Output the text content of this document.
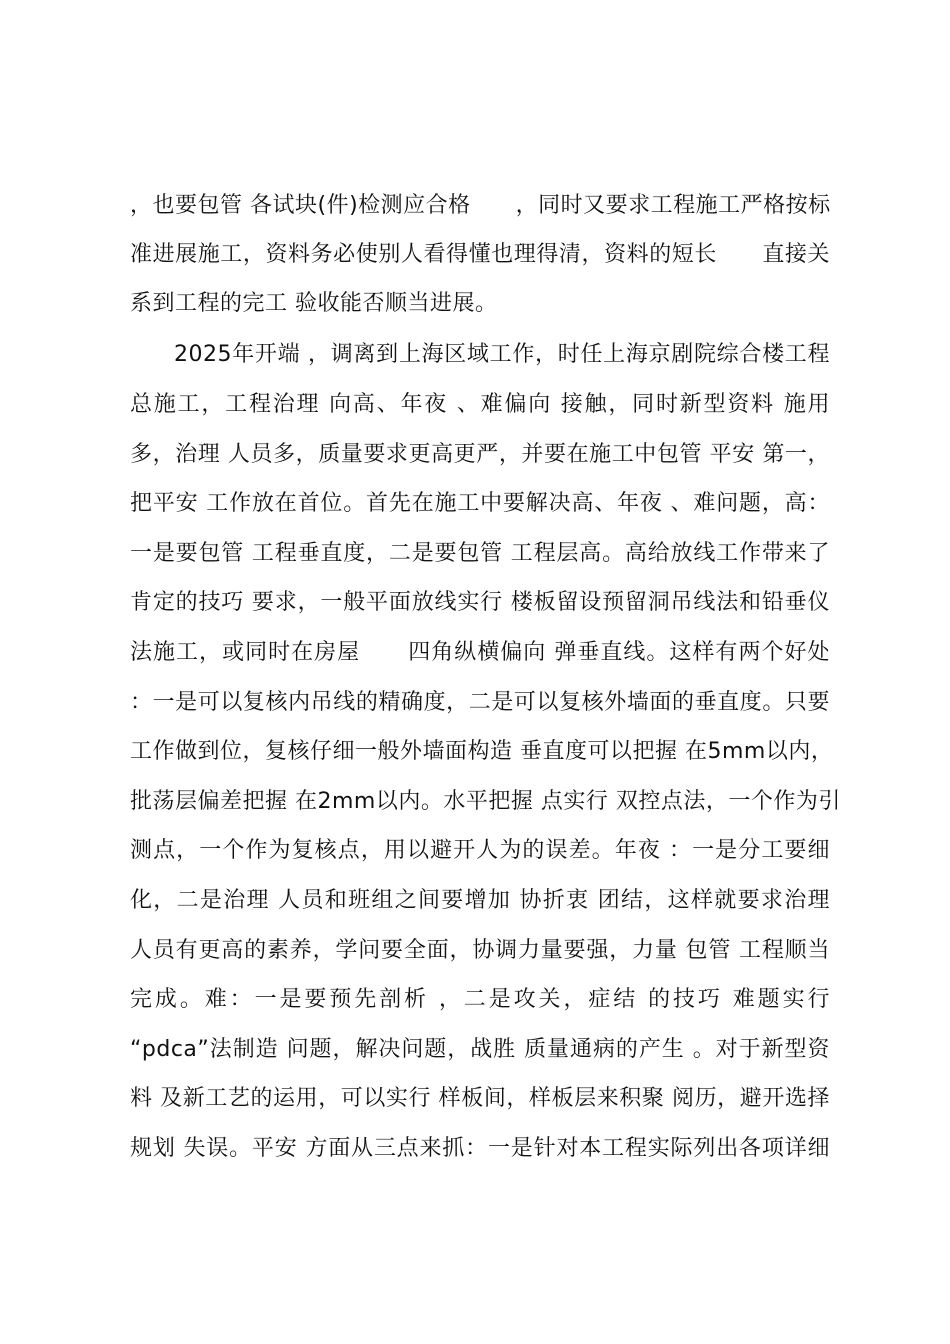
，也要包管 各试块(件)检测应合格      ，同时又要求工程施工严格按标
准进展施工，资料务必使别人看得懂也理得清，资料的短长      直接关
系到工程的完工 验收能否顺当进展。
2025年开端 ，调离到上海区域工作，时任上海京剧院综合楼工程
总施工，工程治理 向高、年夜 、难偏向 接触，同时新型资料 施用
多，治理 人员多，质量要求更高更严，并要在施工中包管 平安 第一，
把平安 工作放在首位。首先在施工中要解决高、年夜 、难问题，高：
一是要包管 工程垂直度，二是要包管 工程层高。高给放线工作带来了
肯定的技巧 要求，一般平面放线实行 楼板留设预留洞吊线法和铅垂仪
法施工，或同时在房屋      四角纵横偏向 弹垂直线。这样有两个好处
：一是可以复核内吊线的精确度，二是可以复核外墙面的垂直度。只要
工作做到位，复核仔细一般外墙面构造 垂直度可以把握 在5mm以内，
批荡层偏差把握 在2mm以内。水平把握 点实行 双控点法，一个作为引
测点，一个作为复核点，用以避开人为的误差。年夜 ：一是分工要细
化，二是治理 人员和班组之间要增加 协折衷 团结，这样就要求治理
人员有更高的素养，学问要全面，协调力量要强，力量 包管 工程顺当
完成。难：一是要预先剖析 ，二是攻关，症结 的技巧 难题实行
“pdca”法制造 问题，解决问题，战胜 质量通病的产生 。对于新型资
料 及新工艺的运用，可以实行 样板间，样板层来积聚 阅历，避开选择
规划 失误。平安 方面从三点来抓：一是针对本工程实际列出各项详细
